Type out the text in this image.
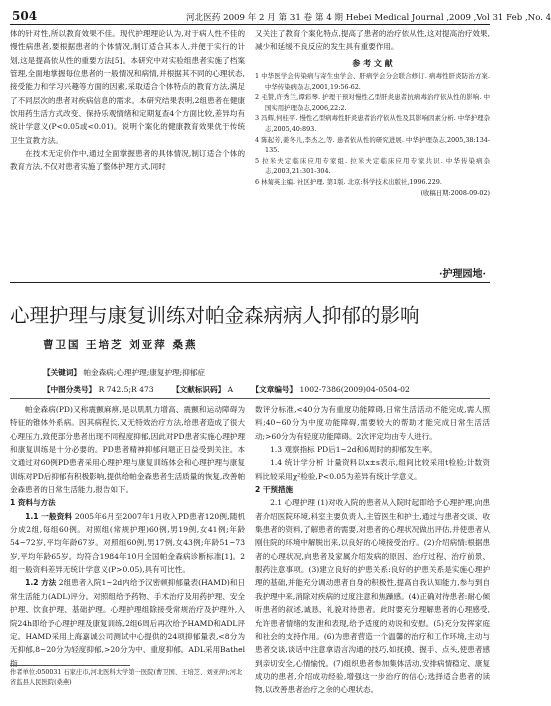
504	河北医药 2009 年 2 月 第 31 卷 第 4 期 Hebei Medical Journal ,2009 ,Vol 31 Feb ,No. 4

体的针对性,所以教育效果不佳。现代护理理论认为,对于病人性不佳的慢性病患者,要根据患者的个体情况,制订适合其本人,并便于实行的计划,这是提高依从性的重要方法[5]。本研究中对实验组患者实施了档案管理,全面地掌握每位患者的一般情况和病情,并根据其不同的心理状态,接受能力和学习兴趣等方面的因素,采取适合个体特点的教育方法,满足了不同层次的患者对疾病信息的需求。本研究结果表明,2组患者在健康饮用药生活方式改变、保持乐观情绪和定期复查4个方面比较,差异均有统计学意义(P<0.05或<0.01)。说明个案化的健康教育效果优于传统卫生宣教方法。

在技术无定价作中,通过全面掌握患者的具体情况,制订适合个体的教育方法,不仅对患者实施了整体护理方式,同时

又关注了教育个案化特点,提高了患者的治疗依从性,这对提高治疗效果,减少和延缓不良反应的发生具有重要作用。

参 考 文 献

1 中华医学会传染病与寄生虫学会、肝病学会分会联合修订. 病毒性肝炎防治方案. 中华传染病杂志,2001,19:56-62.

2 毛赞,许秀兰,谭彩琴. 护理干预对慢性乙型肝炎患者抗病毒治疗依从性的影响. 中国实用护理杂志,2006,22:2.

3 冯辉,何桂平. 慢性乙型病毒性肝炎患者治疗依从性及其影响因素分析. 中华护理杂志,2005,40:893.

4 陈起芳,姜冬儿,李杰之,等. 患者依从性的研究进展. 中华护理杂志,2005,38:134-135.

5 拉米夫定临床应用专家组. 拉米夫定临床应用专家共识. 中华传染病杂志,2003,21:301-304.

6 林菊英主编. 社区护理. 第1版. 北京:科学技术出版社,1996.229.

(收稿日期:2008-09-02)
·护理园地·
心理护理与康复训练对帕金森病病人抑郁的影响
曹卫国 王培芝 刘亚萍 桑燕
【关键词】 帕金森病;心理护理;康复护理;抑郁症
【中图分类号】 R 742.5;R 473 【文献标识码】 A 【文章编号】 1002-7386(2009)04-0504-02

帕金森病(PD)又称震颤麻痹,是以肌肌力增高、震颤和运动障碍为特征的锥体外系病。因其病程长,又无特效治疗方法,给患者造成了很大心理压力,致使部分患者出现不同程度抑郁,因此对PD患者实施心理护理和康复训练是十分必要的。PD患者精神抑郁问题正日益受到关注。本文通过对60例PD患者采用心理护理与康复训练体会和心理护理与康复训练对PD后抑郁有积极影响,提供给帕金森患者生活质量的恢复,改善帕金森患者的日常生活能力,报告如下。

1 资料与方法

1.1 一般资料 2005年6月至2007年1月收入PD患者120例,随机分成2组,每组60例。对照组(常规护理)60例,男19例,女41例;年龄54~72岁,平均年龄67岁。对照组60例,男17例,女43例;年龄51~73岁,平均年龄65岁。均符合1984年10月全国帕金森病诊断标准[1]。2组一般资料差异无统计学意义(P>0.05),具有可比性。

1.2 方法 2组患者入院1~2d内给予汉密顿抑郁量表(HAMD)和日常生活能力(ADL)评分。对照组给予药物、手术治疗及用药护理、安全护理、饮食护理、基础护理。心理护理组除接受常规治疗及护理外,入院24h即给予心理护理及康复训练,2组6周后再次给予HAMD和ADL评定。HAMD采用上海嘉诚公司测试中心提供的24项抑郁量表,<8分为无抑郁,8~20分为轻度抑郁,>20分为中、重度抑郁。ADL采用Bathel指

作者单位:050031 石家庄市,河北医科大学第一医院(曹卫国、王培芝、刘亚萍);河北省监县人民医院(桑燕)

数评分标准,<40分为有重度功能障碍,日常生活活动不能完成,需人照料;40~60分为中度功能障碍,需要较大的帮助才能完成日常生活活动;>60分为有轻度功能障碍。2次评定均由专人进行。

1.3 观察指标 PD后1~2d和6周时的抑郁发生率。

1.4 统计学分析 计量资料以x±s表示,组间比较采用t检验;计数资料比较采用χ²检验,P<0.05为差异有统计学意义。

2 干预措施

2.1 心理护理 (1)对收入院的患者从入院时起即给予心理护理,向患者介绍医院环境,科室主要负责人,主管医生和护士,通过与患者交谈、收集患者的资料,了解患者的需要,对患者的心理状况做出评估,并使患者从刚住院的环境中解脱出来,以良好的心境接受治疗。(2)介绍病情:根据患者的心理状况,向患者及家属介绍发病的原因、治疗过程、治疗前景、服药注意事项。(3)建立良好的护患关系:良好的护患关系是实施心理护理的基础,并能充分调动患者自身的积极性,提高自我认知能力,参与到自我护理中来,消除对疾病的过度注意和焦躁感。(4)正确对待患者:耐心倾听患者的叙述,诚恳、礼貌对待患者。此时要充分理解患者的心理感受,允许患者情绪的发泄和表现,给予适度的劝说和安慰。(5)充分发挥家庭和社会的支持作用。(6)为患者营造一个温馨的治疗和工作环境,主动与患者交谈,谈话中注意拿语言沟通的技巧,如抚摸、握手、点头,使患者感到亲切安全,心情愉悦。(7)组织患者参加集体活动,安排病情稳定、康复成功的患者,介绍成功经验,增强这一步治疗的信心;选择适合患者的读物,以改善患者治疗之余的心理状态。
